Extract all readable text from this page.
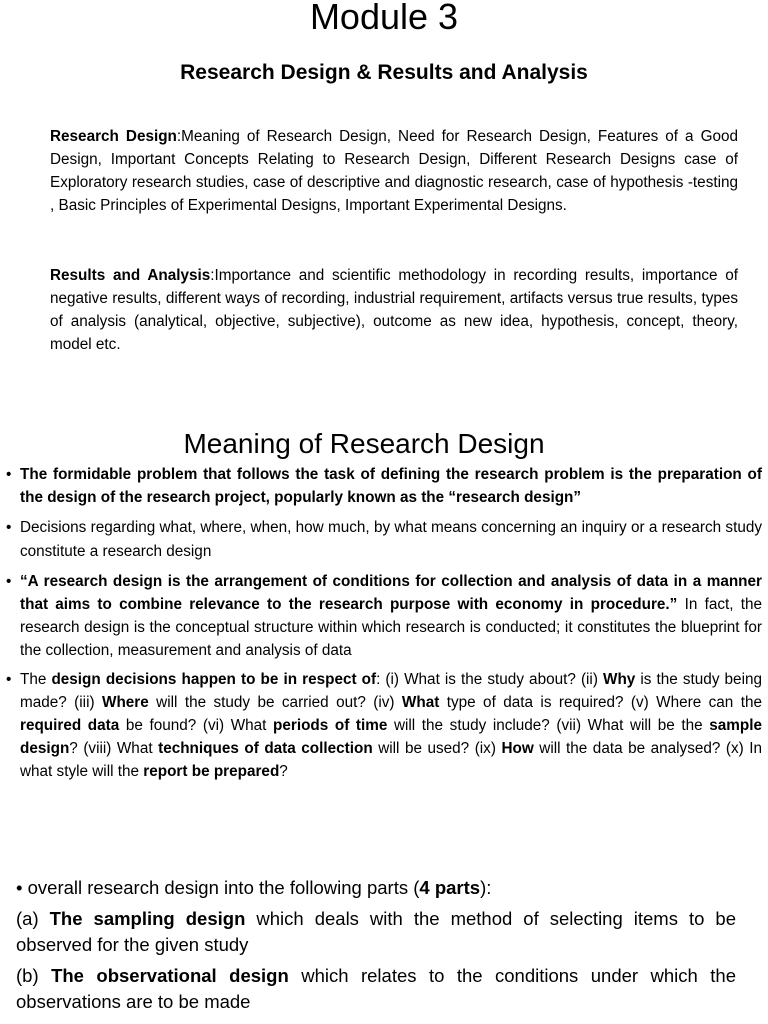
Module 3
Research Design & Results and Analysis
Research Design:Meaning of Research Design, Need for Research Design, Features of a Good Design, Important Concepts Relating to Research Design, Different Research Designs case of Exploratory research studies, case of descriptive and diagnostic research, case of hypothesis -testing , Basic Principles of Experimental Designs, Important Experimental Designs.
Results and Analysis:Importance and scientific methodology in recording results, importance of negative results, different ways of recording, industrial requirement, artifacts versus true results, types of analysis (analytical, objective, subjective), outcome as new idea, hypothesis, concept, theory, model etc.
Meaning of Research Design
• The formidable problem that follows the task of defining the research problem is the preparation of the design of the research project, popularly known as the “research design”
• Decisions regarding what, where, when, how much, by what means concerning an inquiry or a research study constitute a research design
• “A research design is the arrangement of conditions for collection and analysis of data in a manner that aims to combine relevance to the research purpose with economy in procedure.” In fact, the research design is the conceptual structure within which research is conducted; it constitutes the blueprint for the collection, measurement and analysis of data
• The design decisions happen to be in respect of: (i) What is the study about? (ii) Why is the study being made? (iii) Where will the study be carried out? (iv) What type of data is required? (v) Where can the required data be found? (vi) What periods of time will the study include? (vii) What will be the sample design? (viii) What techniques of data collection will be used? (ix) How will the data be analysed? (x) In what style will the report be prepared?
• overall research design into the following parts (4 parts):
(a) The sampling design which deals with the method of selecting items to be observed for the given study
(b) The observational design which relates to the conditions under which the observations are to be made
